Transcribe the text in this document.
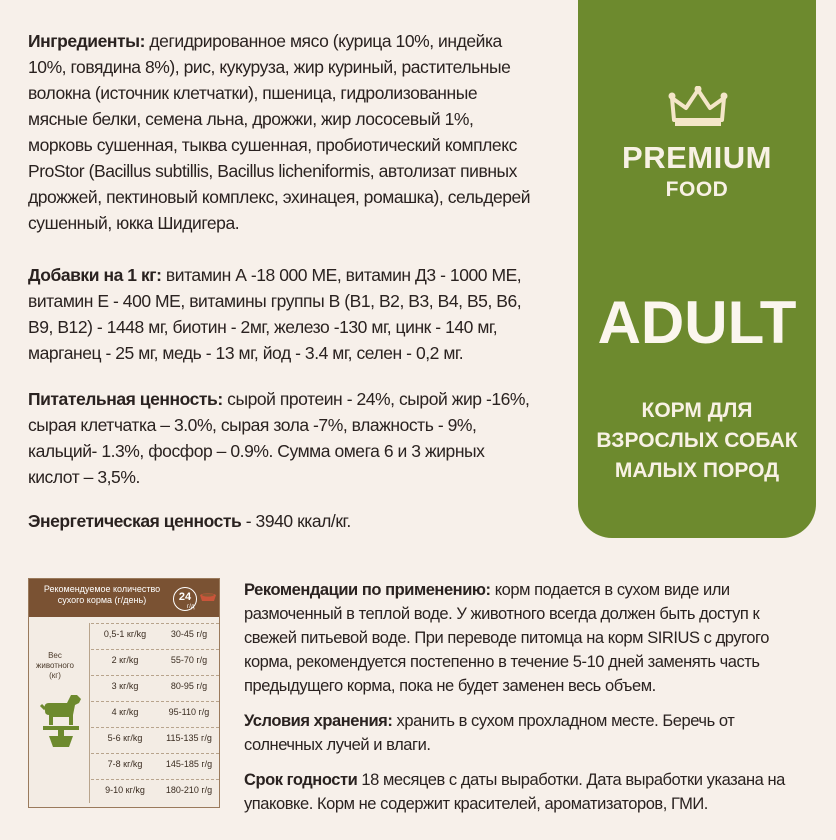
Ингредиенты: дегидрированное мясо (курица 10%, индейка 10%, говядина 8%), рис, кукуруза, жир куриный, растительные волокна (источник клетчатки), пшеница, гидролизованные мясные белки, семена льна, дрожжи, жир лососевый 1%, морковь сушенная, тыква сушенная, пробиотический комплекс ProStor (Bacillus subtillis, Bacillus licheniformis, автолизат пивных дрожжей, пектиновый комплекс, эхинацея, ромашка), сельдерей сушенный, юкка Шидигера.
Добавки на 1 кг: витамин А -18 000 МЕ, витамин Д3 - 1000 МЕ, витамин Е - 400 МЕ, витамины группы В (В1, В2, В3, В4, В5, В6, В9, В12) - 1448 мг, биотин - 2мг, железо -130 мг, цинк - 140 мг, марганец - 25 мг, медь - 13 мг, йод - 3.4 мг, селен - 0,2 мг.
Питательная ценность: сырой протеин - 24%, сырой жир -16%, сырая клетчатка – 3.0%, сырая зола -7%, влажность - 9%, кальций- 1.3%, фосфор – 0.9%. Сумма омега 6 и 3 жирных кислот – 3,5%.
Энергетическая ценность - 3940 ккал/кг.
PREMIUM
FOOD
ADULT
КОРМ ДЛЯ
ВЗРОСЛЫХ СОБАК
МАЛЫХ ПОРОД
Рекомендуемое количество сухого корма (г/день)	24
г/д
Вес животного (кг)
0,5-1 кг/kg	30-45 г/g
2 кг/kg	55-70 г/g
3 кг/kg	80-95 г/g
4 кг/kg	95-110 г/g
5-6 кг/kg	115-135 г/g
7-8 кг/kg	145-185 г/g
9-10 кг/kg	180-210 г/g
Рекомендации по применению: корм подается в сухом виде или размоченный в теплой воде. У животного всегда должен быть доступ к свежей питьевой воде. При переводе питомца на корм SIRIUS с другого корма, рекомендуется постепенно в течение 5-10 дней заменять часть предыдущего корма, пока не будет заменен весь объем.
Условия хранения: хранить в сухом прохладном месте. Беречь от солнечных лучей и влаги.
Срок годности 18 месяцев с даты выработки. Дата выработки указана на упаковке. Корм не содержит красителей, ароматизаторов, ГМИ.
